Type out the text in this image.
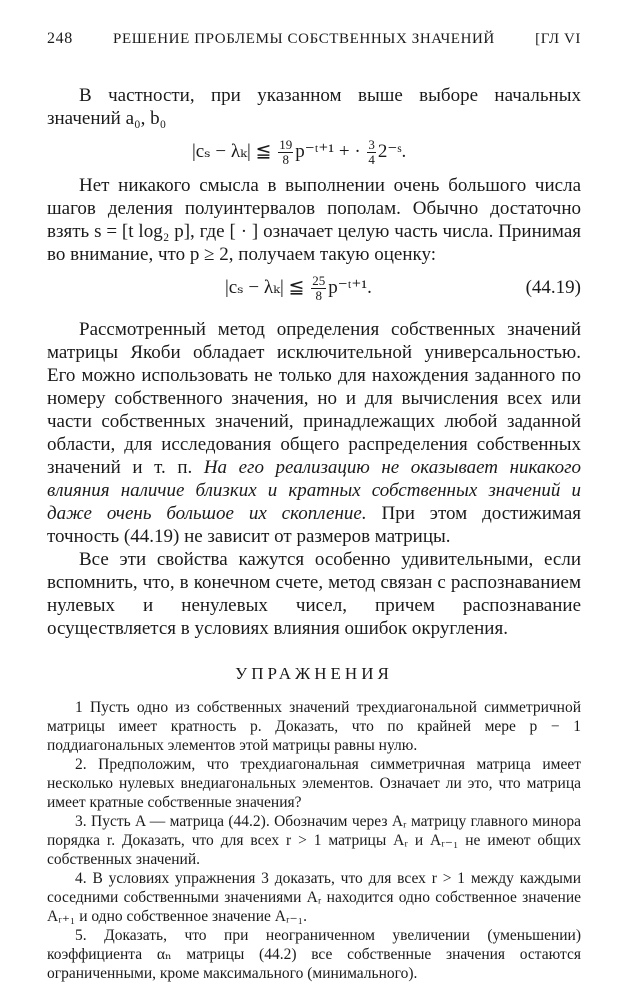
248	РЕШЕНИЕ ПРОБЛЕМЫ СОБСТВЕННЫХ ЗНАЧЕНИЙ	[ГЛ VI

В частности, при указанном выше выборе начальных значений a₀, b₀

|cₛ − λₖ| ≦ $\frac{19}{8}$ p⁻ᵗ⁺¹ + · $\frac{3}{4}$ 2⁻ˢ.

Нет никакого смысла в выполнении очень большого числа шагов деления полуинтервалов пополам. Обычно достаточно взять s = [t log₂ p], где [ · ] означает целую часть числа. Принимая во внимание, что p ≥ 2, получаем такую оценку:

|cₛ − λₖ| ≦ $\frac{25}{8}$ p⁻ᵗ⁺¹.	(44.19)

Рассмотренный метод определения собственных значений матрицы Якоби обладает исключительной универсальностью. Его можно использовать не только для нахождения заданного по номеру собственного значения, но и для вычисления всех или части собственных значений, принадлежащих любой заданной области, для исследования общего распределения собственных значений и т. п. На его реализацию не оказывает никакого влияния наличие близких и кратных собственных значений и даже очень большое их скопление. При этом достижимая точность (44.19) не зависит от размеров матрицы.

Все эти свойства кажутся особенно удивительными, если вспомнить, что, в конечном счете, метод связан с распознаванием нулевых и ненулевых чисел, причем распознавание осуществляется в условиях влияния ошибок округления.

УПРАЖНЕНИЯ

1 Пусть одно из собственных значений трехдиагональной симметричной матрицы имеет кратность p. Доказать, что по крайней мере p − 1 поддиагональных элементов этой матрицы равны нулю.

2. Предположим, что трехдиагональная симметричная матрица имеет несколько нулевых внедиагональных элементов. Означает ли это, что матрица имеет кратные собственные значения?

3. Пусть A — матрица (44.2). Обозначим через Aᵣ матрицу главного минора порядка r. Доказать, что для всех r > 1 матрицы Aᵣ и Aᵣ₋₁ не имеют общих собственных значений.

4. В условиях упражнения 3 доказать, что для всех r > 1 между каждыми соседними собственными значениями Aᵣ находится одно собственное значение Aᵣ₊₁ и одно собственное значение Aᵣ₋₁.

5. Доказать, что при неограниченном увеличении (уменьшении) коэффициента αₙ матрицы (44.2) все собственные значения остаются ограниченными, кроме максимального (минимального).
